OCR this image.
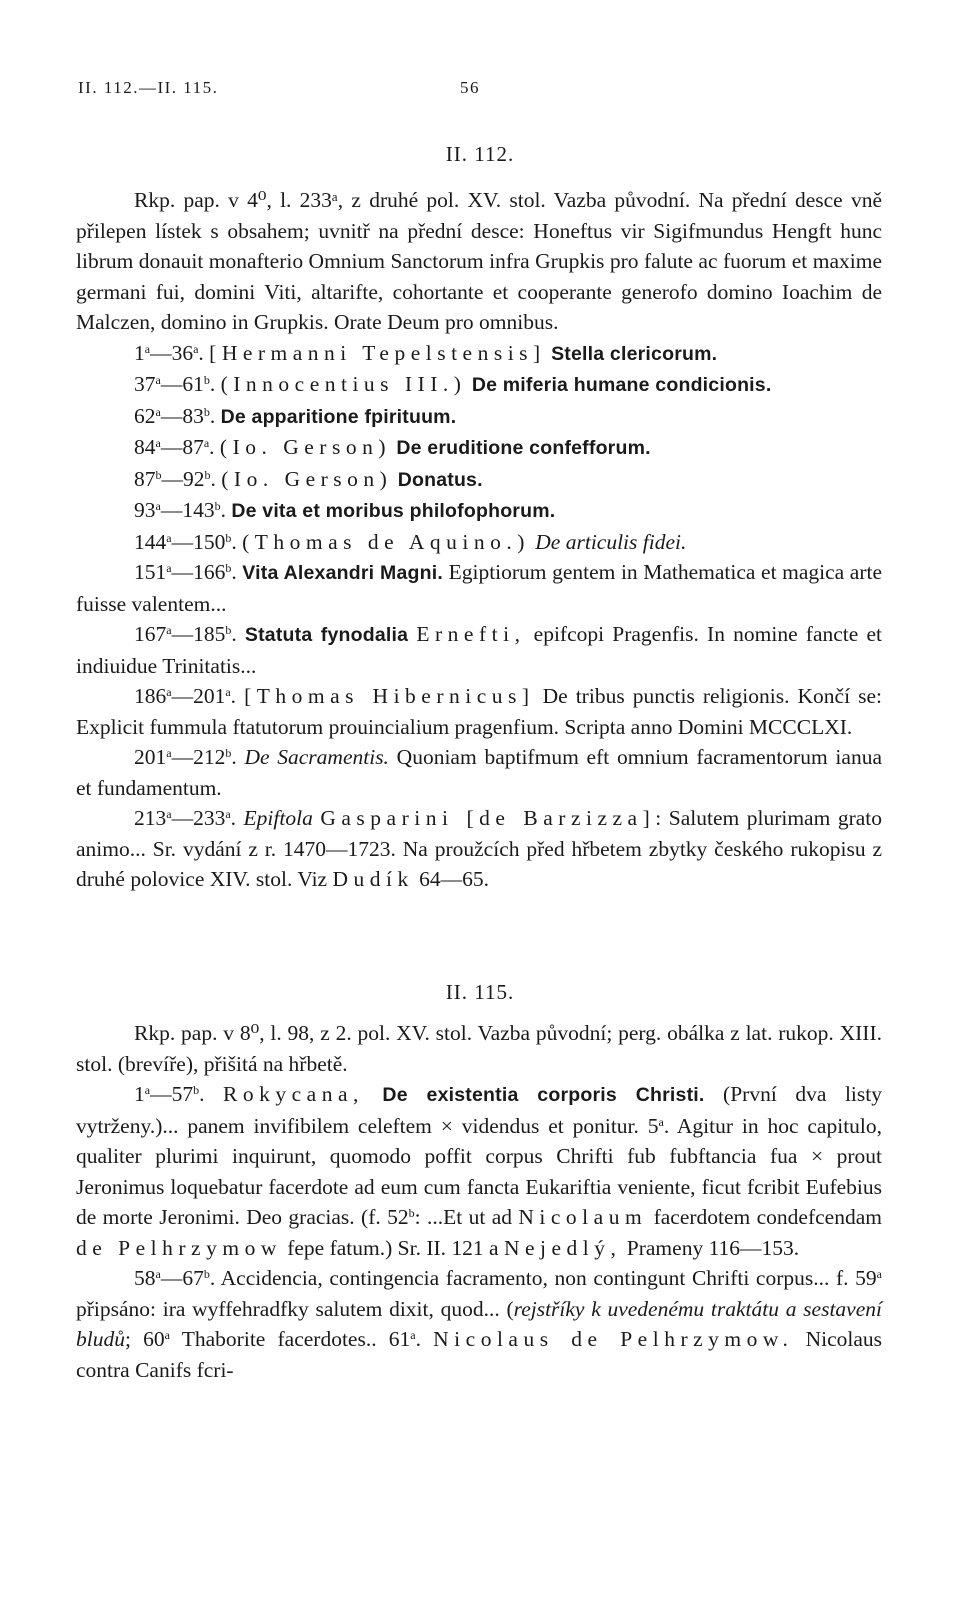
II. 112.—II. 115.	56
II. 112.

Rkp. pap. v 4⁰, l. 233ᵃ, z druhé pol. XV. stol. Vazba původní. Na přední desce vně přilepen lístek s obsahem; uvnitř na přední desce: Honeftus vir Sigifmundus Hengft hunc librum donauit monafterio Omnium Sanctorum infra Grupkis pro falute ac fuorum et maxime germani fui, domini Viti, altarifte, cohortante et cooperante generofo domino Ioachim de Malczen, domino in Grupkis. Orate Deum pro omnibus.

1$^a$—36$^a$. [Hermanni Tepelstensis] Stella clericorum.

37$^a$—61$^b$. (Innocentius III.) De miferia humane condicionis.

62$^a$—83$^b$. De apparitione fpirituum.

84$^a$—87$^a$. (Io. Gerson) De eruditione confefforum.

87$^b$—92$^b$. (Io. Gerson) Donatus.

93$^a$—143$^b$. De vita et moribus philofophorum.

144$^a$—150$^b$. (Thomas de Aquino.) De articulis fidei.

151$^a$—166$^b$. Vita Alexandri Magni. Egiptiorum gentem in Mathematica et magica arte fuisse valentem...

167$^a$—185$^b$. Statuta fynodalia Ernefti, epifcopi Pragenfis. In nomine fancte et indiuidue Trinitatis...

186$^a$—201$^a$. [Thomas Hibernicus] De tribus punctis religionis. Končí se: Explicit fummula ftatutorum prouincialium pragenfium. Scripta anno Domini MCCCLXI.

201$^a$—212$^b$. De Sacramentis. Quoniam baptifmum eft omnium facramentorum ianua et fundamentum.

213$^a$—233$^a$. Epiftola Gasparini [de Barzizza]: Salutem plurimam grato animo... Sr. vydání z r. 1470—1723. Na proužcích před hřbetem zbytky českého rukopisu z druhé polovice XIV. stol. Viz Dudík 64—65.

II. 115.

Rkp. pap. v 8⁰, l. 98, z 2. pol. XV. stol. Vazba původní; perg. obálka z lat. rukop. XIII. stol. (brevíře), přišitá na hřbetě.

1$^a$—57$^b$. Rokycana, De existentia corporis Christi. (První dva listy vytrženy.)... panem invifibilem celeftem × videndus et ponitur. 5$^a$. Agitur in hoc capitulo, qualiter plurimi inquirunt, quomodo poffit corpus Chrifti fub fubftancia fua × prout Jeronimus loquebatur facerdote ad eum cum fancta Eukariftia veniente, ficut fcribit Eufebius de morte Jeronimi. Deo gracias. (f. 52$^b$: ...Et ut ad Nicolaum facerdotem condefcendam de Pelhrzymow fepe fatum.) Sr. II. 121 a Nejedlý, Prameny 116—153.

58$^a$—67$^b$. Accidencia, contingencia facramento, non contingunt Chrifti corpus... f. 59$^a$ připsáno: ira wyffehradfky salutem dixit, quod... (rejstříky k uvedenému traktátu a sestavení bludů; 60$^a$ Thaborite facerdotes.. 61$^a$. Nicolaus de Pelhrzymow. Nicolaus contra Canifs fcri-
